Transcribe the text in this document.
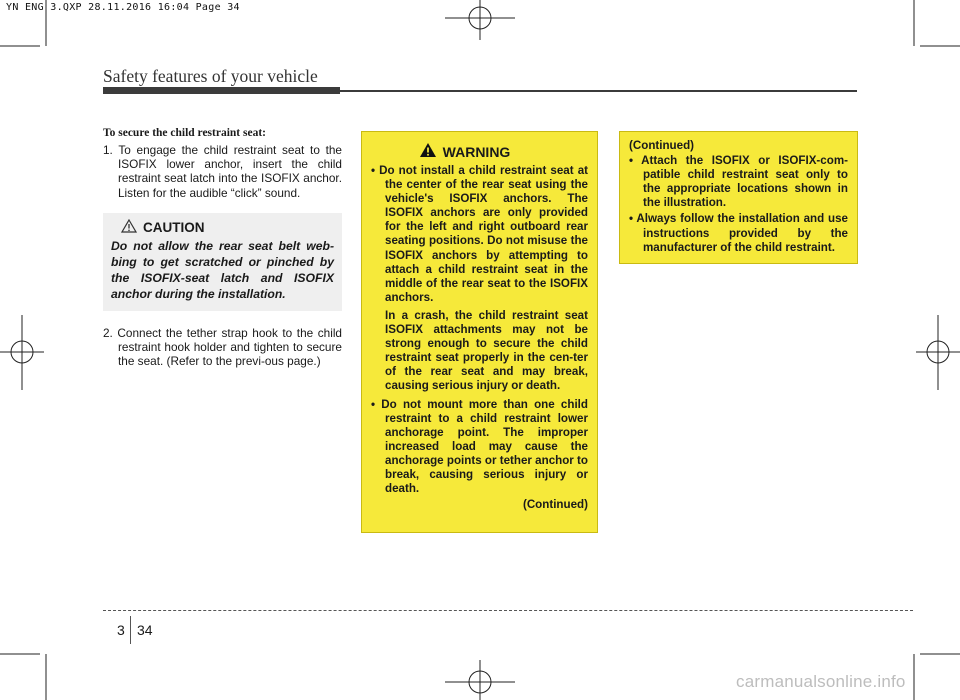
YN ENG 3.QXP 28.11.2016 16:04 Page 34
Safety features of your vehicle

To secure the child restraint seat:

1. To engage the child restraint seat to the ISOFIX lower anchor, insert the child restraint seat latch into the ISOFIX anchor. Listen for the audible “click” sound.

CAUTION
Do not allow the rear seat belt web-bing to get scratched or pinched by the ISOFIX-seat latch and ISOFIX anchor during the installation.

2. Connect the tether strap hook to the child restraint hook holder and tighten to secure the seat. (Refer to the previ-ous page.)

WARNING

• Do not install a child restraint seat at the center of the rear seat using the vehicle's ISOFIX anchors. The ISOFIX anchors are only provided for the left and right outboard rear seating positions. Do not misuse the ISOFIX anchors by attempting to attach a child restraint seat in the middle of the rear seat to the ISOFIX anchors.

In a crash, the child restraint seat ISOFIX attachments may not be strong enough to secure the child restraint seat properly in the cen-ter of the rear seat and may break, causing serious injury or death.

• Do not mount more than one child restraint to a child restraint lower anchorage point. The improper increased load may cause the anchorage points or tether anchor to break, causing serious injury or death.

(Continued)
(Continued)

• Attach the ISOFIX or ISOFIX-com-patible child restraint seat only to the appropriate locations shown in the illustration.

• Always follow the installation and use instructions provided by the manufacturer of the child restraint.

3 34
carmanualsonline.info
